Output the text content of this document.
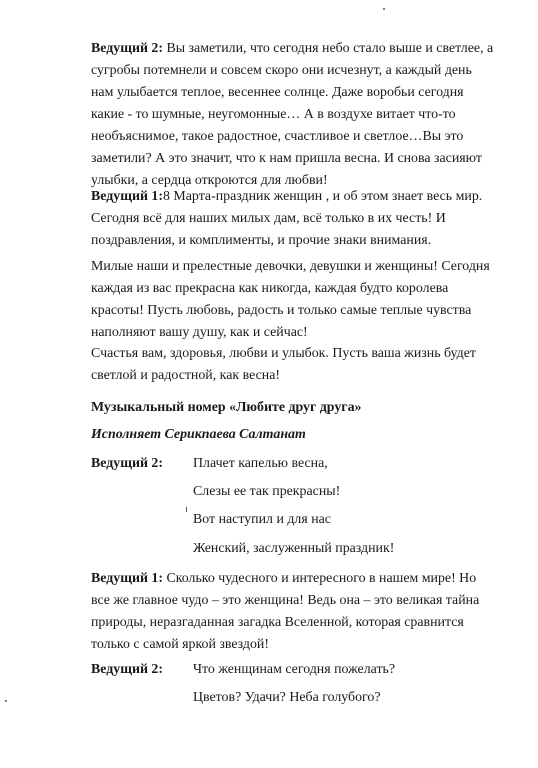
Ведущий 2: Вы заметили, что сегодня небо стало выше и светлее, а
сугробы потемнели и совсем скоро они исчезнут, а каждый день
нам улыбается теплое, весеннее солнце. Даже воробьи сегодня
какие - то шумные, неугомонные… А в воздухе витает что-то
необъяснимое, такое радостное, счастливое и светлое…Вы это
заметили? А это значит, что к нам пришла весна. И снова засияют
улыбки, а сердца откроются для любви!
Ведущий 1:8 Марта-праздник женщин , и об этом знает весь мир.
Сегодня всё для наших милых дам, всё только в их честь! И
поздравления, и комплименты, и прочие знаки внимания.
Милые наши и прелестные девочки, девушки и женщины! Сегодня
каждая из вас прекрасна как никогда, каждая будто королева
красоты! Пусть любовь, радость и только самые теплые чувства
наполняют вашу душу, как и сейчас!
Счастья вам, здоровья, любви и улыбок. Пусть ваша жизнь будет
светлой и радостной, как весна!
Музыкальный номер «Любите друг друга»
Исполняет Серикпаева Салтанат
Ведущий 2: Плачет капелью весна,
Слезы ее так прекрасны!
Вот наступил и для нас
Женский, заслуженный праздник!
Ведущий 1: Сколько чудесного и интересного в нашем мире! Но
все же главное чудо – это женщина! Ведь она – это великая тайна
природы, неразгаданная загадка Вселенной, которая сравнится
только с самой яркой звездой!
Ведущий 2: Что женщинам сегодня пожелать?
Цветов? Удачи? Неба голубого?
